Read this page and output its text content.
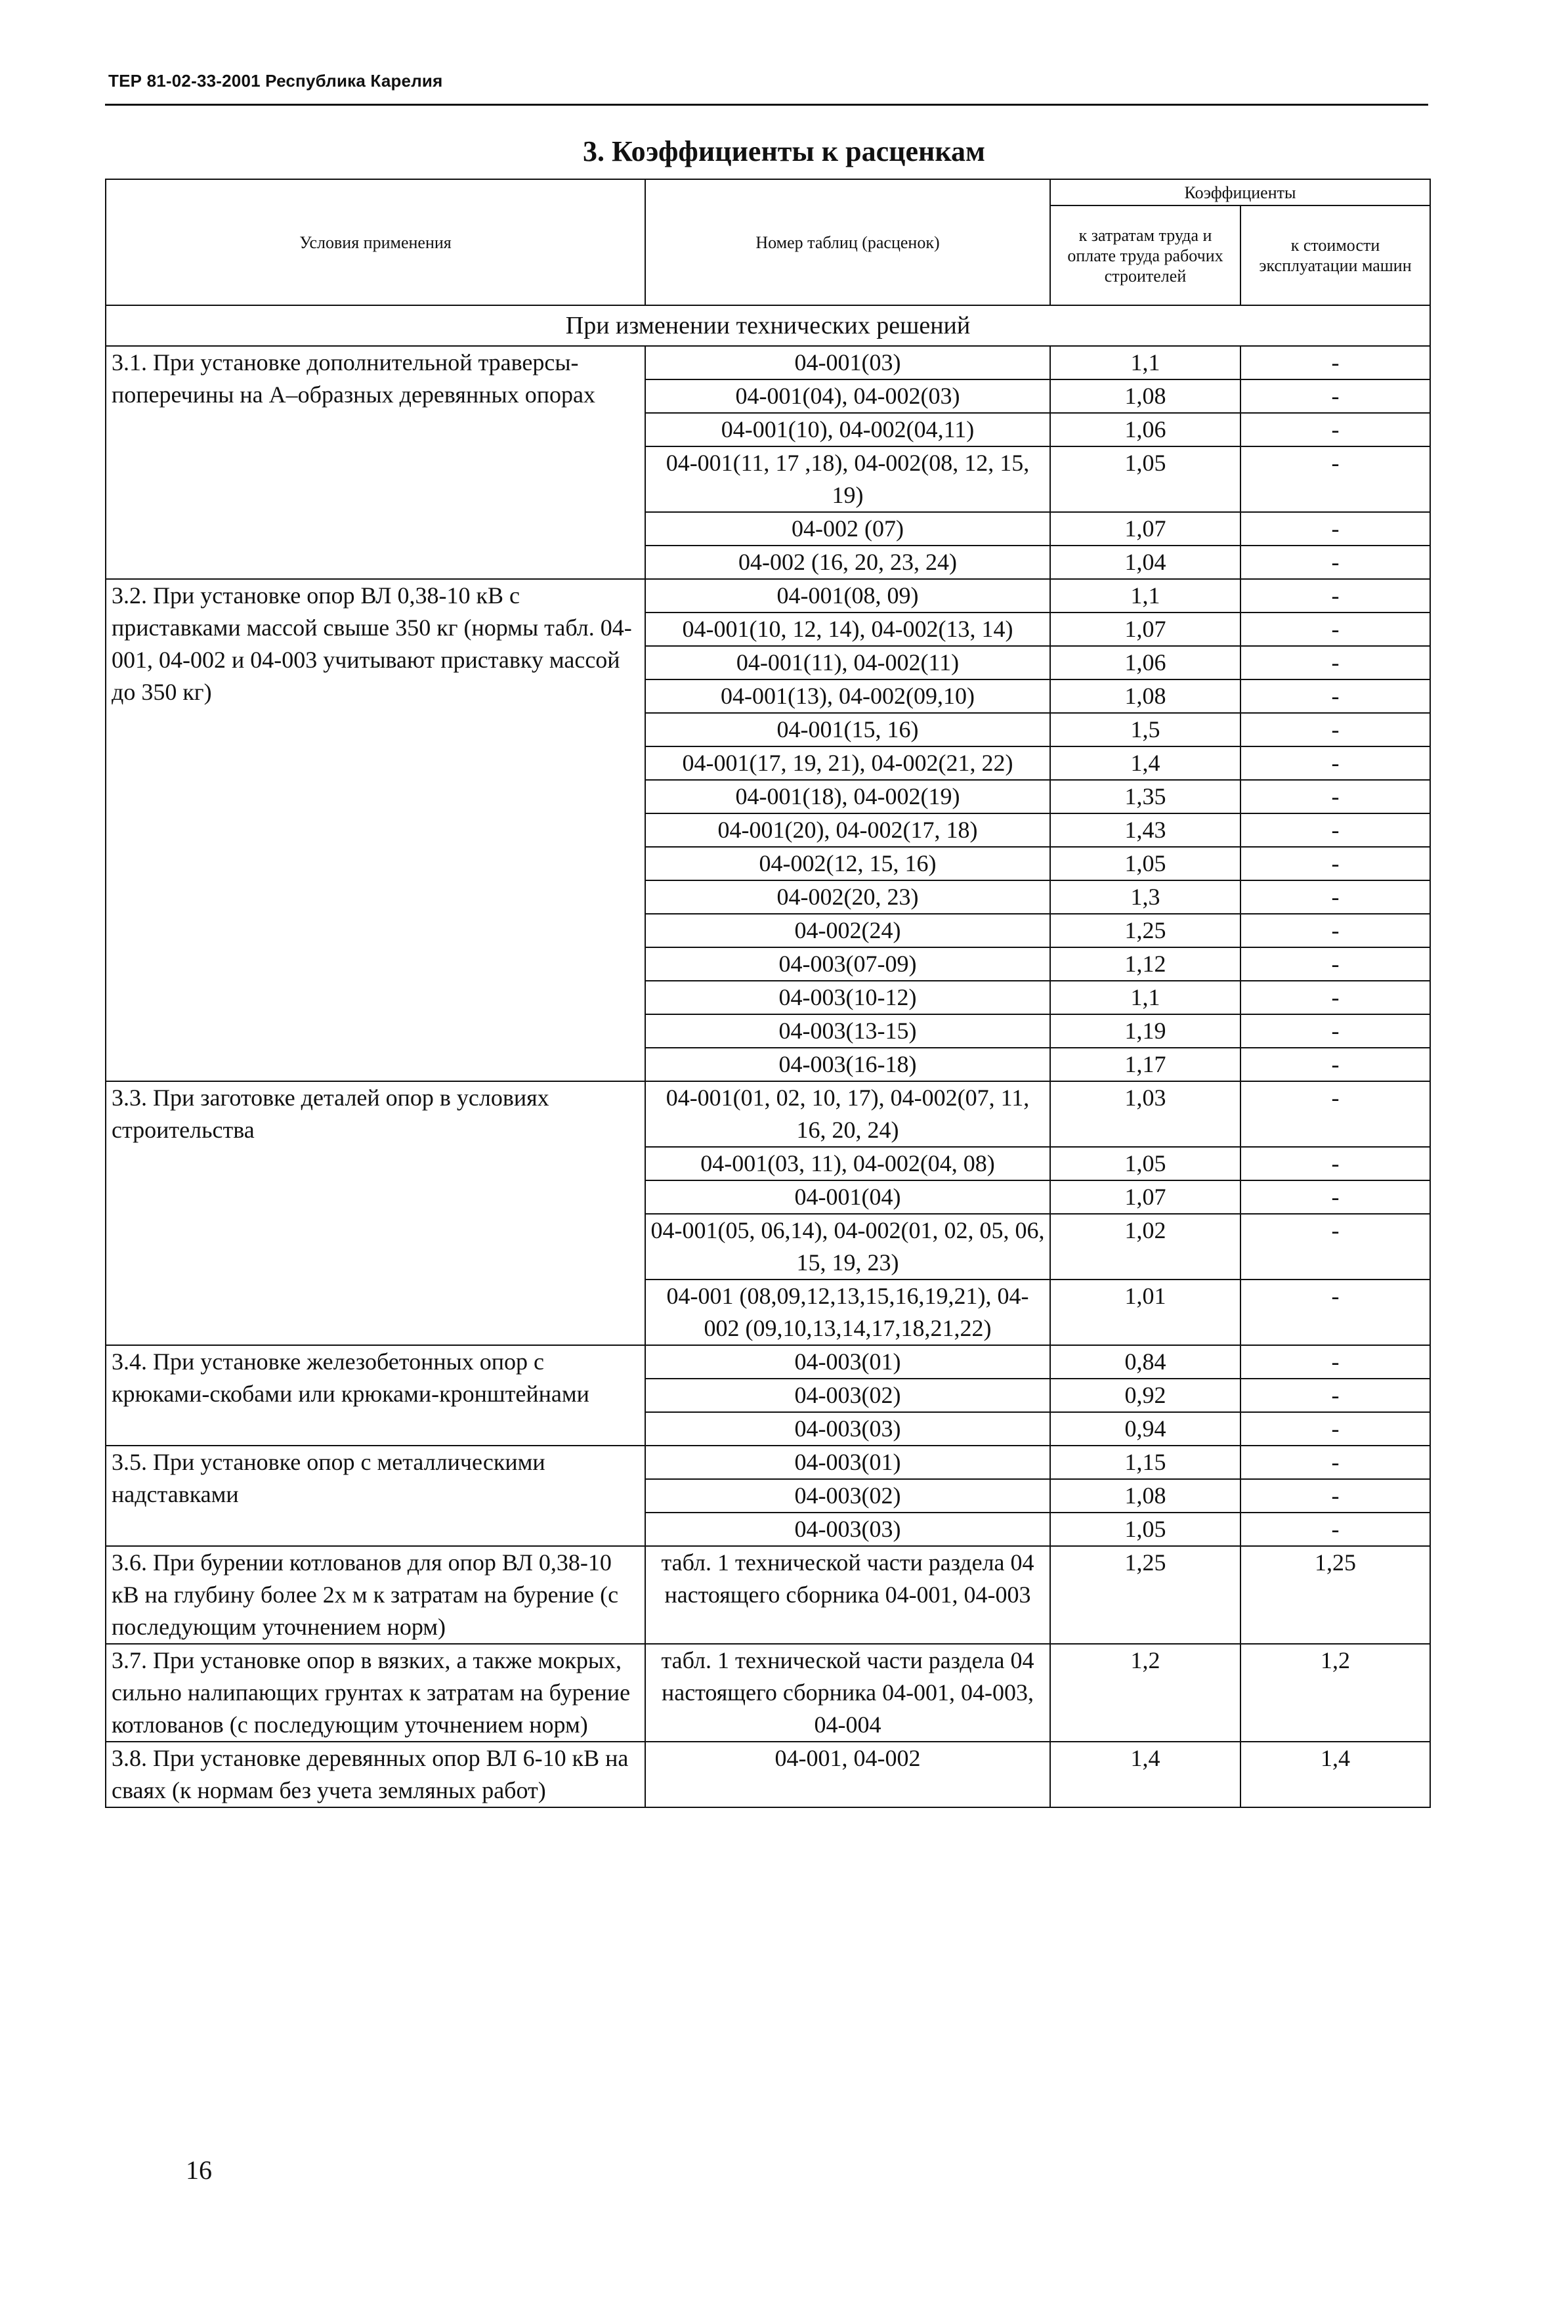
ТЕР 81-02-33-2001 Республика Карелия
3. Коэффициенты к расценкам
Условия применения	Номер таблиц (расценок)	Коэффициенты	
		к затратам труда и оплате труда рабочих строителей	к стоимости эксплуатации машин
При изменении технических решений			
3.1. При установке дополнительной траверсы-поперечины на А–образных деревянных опорах	04-001(03)	1,1	-
	04-001(04), 04-002(03)	1,08	-
	04-001(10), 04-002(04,11)	1,06	-
	04-001(11, 17 ,18), 04-002(08, 12, 15, 19)	1,05	-
	04-002 (07)	1,07	-
	04-002 (16, 20, 23, 24)	1,04	-
3.2. При установке опор ВЛ 0,38-10 кВ с приставками массой свыше 350 кг (нормы табл. 04-001, 04-002 и 04-003 учитывают приставку массой до 350 кг)	04-001(08, 09)	1,1	-
	04-001(10, 12, 14), 04-002(13, 14)	1,07	-
	04-001(11), 04-002(11)	1,06	-
	04-001(13), 04-002(09,10)	1,08	-
	04-001(15, 16)	1,5	-
	04-001(17, 19, 21), 04-002(21, 22)	1,4	-
	04-001(18), 04-002(19)	1,35	-
	04-001(20), 04-002(17, 18)	1,43	-
	04-002(12, 15, 16)	1,05	-
	04-002(20, 23)	1,3	-
	04-002(24)	1,25	-
	04-003(07-09)	1,12	-
	04-003(10-12)	1,1	-
	04-003(13-15)	1,19	-
	04-003(16-18)	1,17	-
3.3. При заготовке деталей опор в условиях строительства	04-001(01, 02, 10, 17), 04-002(07, 11, 16, 20, 24)	1,03	-
	04-001(03, 11), 04-002(04, 08)	1,05	-
	04-001(04)	1,07	-
	04-001(05, 06,14), 04-002(01, 02, 05, 06, 15, 19, 23)	1,02	-
	04-001 (08,09,12,13,15,16,19,21), 04-002 (09,10,13,14,17,18,21,22)	1,01	-
3.4. При установке железобетонных опор с крюками-скобами или крюками-кронштейнами	04-003(01)	0,84	-
	04-003(02)	0,92	-
	04-003(03)	0,94	-
3.5. При установке опор с металлическими надставками	04-003(01)	1,15	-
	04-003(02)	1,08	-
	04-003(03)	1,05	-
3.6. При бурении котлованов для опор ВЛ 0,38-10 кВ на глубину более 2х м к затратам на бурение (с последующим уточнением норм)	табл. 1 технической части раздела 04 настоящего сборника 04-001, 04-003	1,25	1,25
3.7. При установке опор в вязких, а также мокрых, сильно налипающих грунтах к затратам на бурение котлованов (с последующим уточнением норм)	табл. 1 технической части раздела 04 настоящего сборника 04-001, 04-003, 04-004	1,2	1,2
3.8. При установке деревянных опор ВЛ 6-10 кВ на сваях (к нормам без учета земляных работ)	04-001, 04-002	1,4	1,4
16
